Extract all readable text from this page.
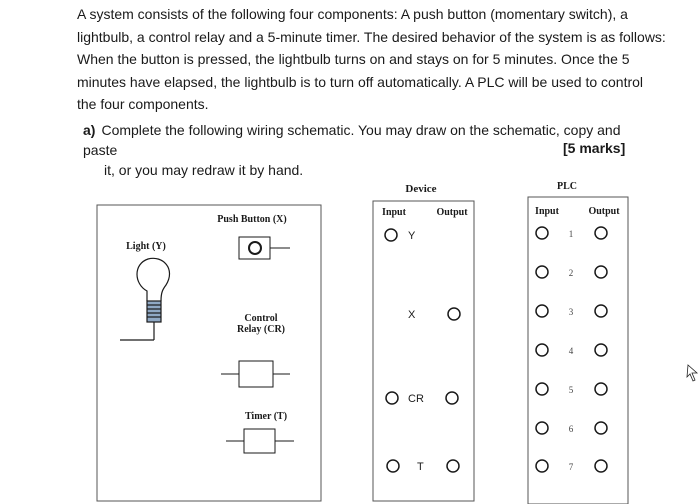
A system consists of the following four components: A push button (momentary switch), a
lightbulb, a control relay and a 5-minute timer. The desired behavior of the system is as follows:
When the button is pressed, the lightbulb turns on and stays on for 5 minutes. Once the 5
minutes have elapsed, the lightbulb is to turn off automatically. A PLC will be used to control
the four components.
a) Complete the following wiring schematic. You may draw on the schematic, copy and paste
it, or you may redraw it by hand.
[5 marks]
Push Button (X)
Light (Y)
Control
Relay (CR)
Timer (T)
Device
Input	Output
Y
X
CR
T
PLC
Input	Output
1
2
3
4
5
6
7
